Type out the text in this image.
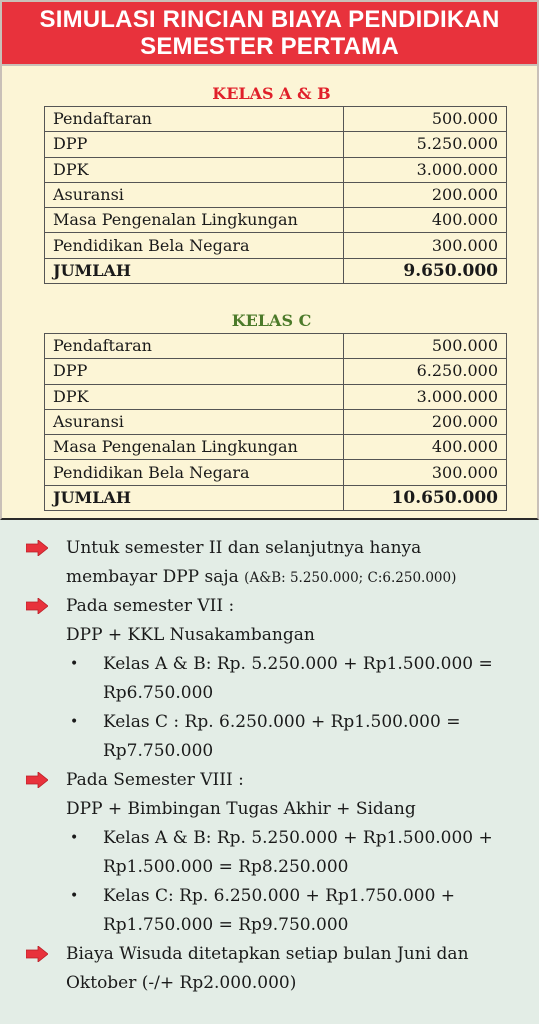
SIMULASI RINCIAN BIAYA PENDIDIKAN
SEMESTER PERTAMA
KELAS A & B
Pendaftaran	500.000
DPP	5.250.000
DPK	3.000.000
Asuransi	200.000
Masa Pengenalan Lingkungan	400.000
Pendidikan Bela Negara	300.000
JUMLAH	9.650.000
KELAS C
Pendaftaran	500.000
DPP	6.250.000
DPK	3.000.000
Asuransi	200.000
Masa Pengenalan Lingkungan	400.000
Pendidikan Bela Negara	300.000
JUMLAH	10.650.000
Untuk semester II dan selanjutnya hanya
membayar DPP saja (A&B: 5.250.000; C:6.250.000)
Pada semester VII :
DPP + KKL Nusakambangan
• Kelas A & B: Rp. 5.250.000 + Rp1.500.000 =
Rp6.750.000
• Kelas C : Rp. 6.250.000 + Rp1.500.000 =
Rp7.750.000
Pada Semester VIII :
DPP + Bimbingan Tugas Akhir + Sidang
• Kelas A & B: Rp. 5.250.000 + Rp1.500.000 +
Rp1.500.000 = Rp8.250.000
• Kelas C: Rp. 6.250.000 + Rp1.750.000 +
Rp1.750.000 = Rp9.750.000
Biaya Wisuda ditetapkan setiap bulan Juni dan
Oktober (-/+ Rp2.000.000)
